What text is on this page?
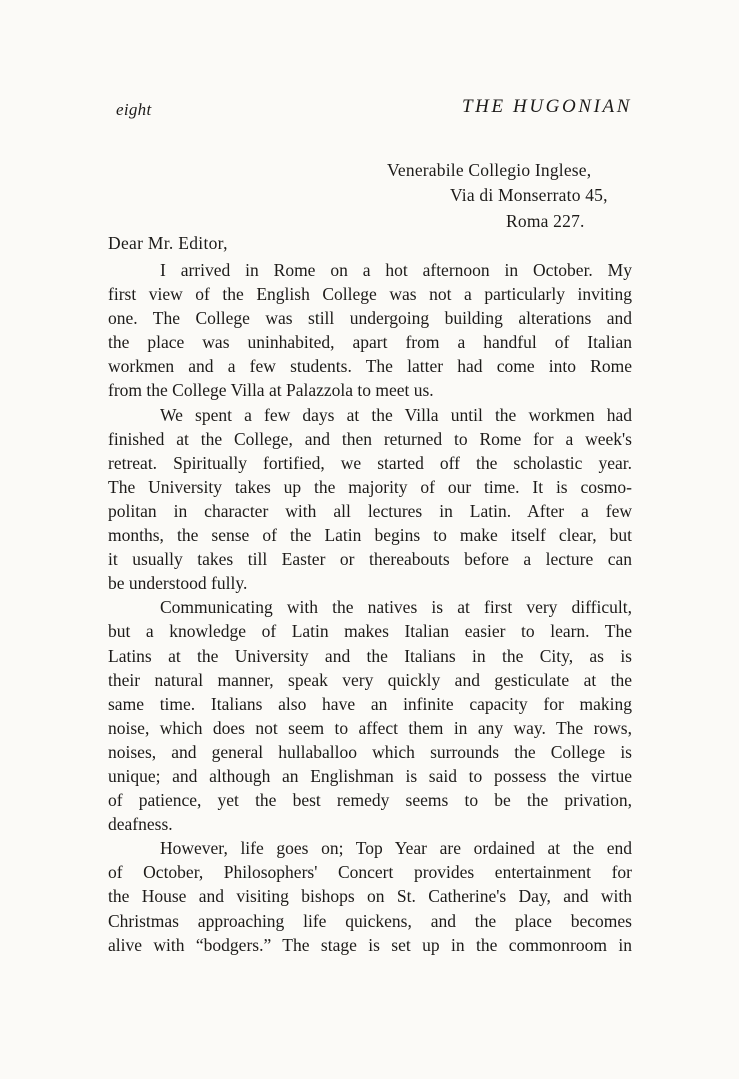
eight	THE HUGONIAN
Venerabile Collegio Inglese,
Via di Monserrato 45,
Roma 227.
Dear Mr. Editor,
I arrived in Rome on a hot afternoon in October. My
first view of the English College was not a particularly inviting
one. The College was still undergoing building alterations and
the place was uninhabited, apart from a handful of Italian
workmen and a few students. The latter had come into Rome
from the College Villa at Palazzola to meet us.
We spent a few days at the Villa until the workmen had
finished at the College, and then returned to Rome for a week's
retreat. Spiritually fortified, we started off the scholastic year.
The University takes up the majority of our time. It is cosmo-
politan in character with all lectures in Latin. After a few
months, the sense of the Latin begins to make itself clear, but
it usually takes till Easter or thereabouts before a lecture can
be understood fully.
Communicating with the natives is at first very difficult,
but a knowledge of Latin makes Italian easier to learn. The
Latins at the University and the Italians in the City, as is
their natural manner, speak very quickly and gesticulate at the
same time. Italians also have an infinite capacity for making
noise, which does not seem to affect them in any way. The rows,
noises, and general hullaballoo which surrounds the College is
unique; and although an Englishman is said to possess the virtue
of patience, yet the best remedy seems to be the privation,
deafness.
However, life goes on; Top Year are ordained at the end
of October, Philosophers' Concert provides entertainment for
the House and visiting bishops on St. Catherine's Day, and with
Christmas approaching life quickens, and the place becomes
alive with “bodgers.” The stage is set up in the commonroom in
